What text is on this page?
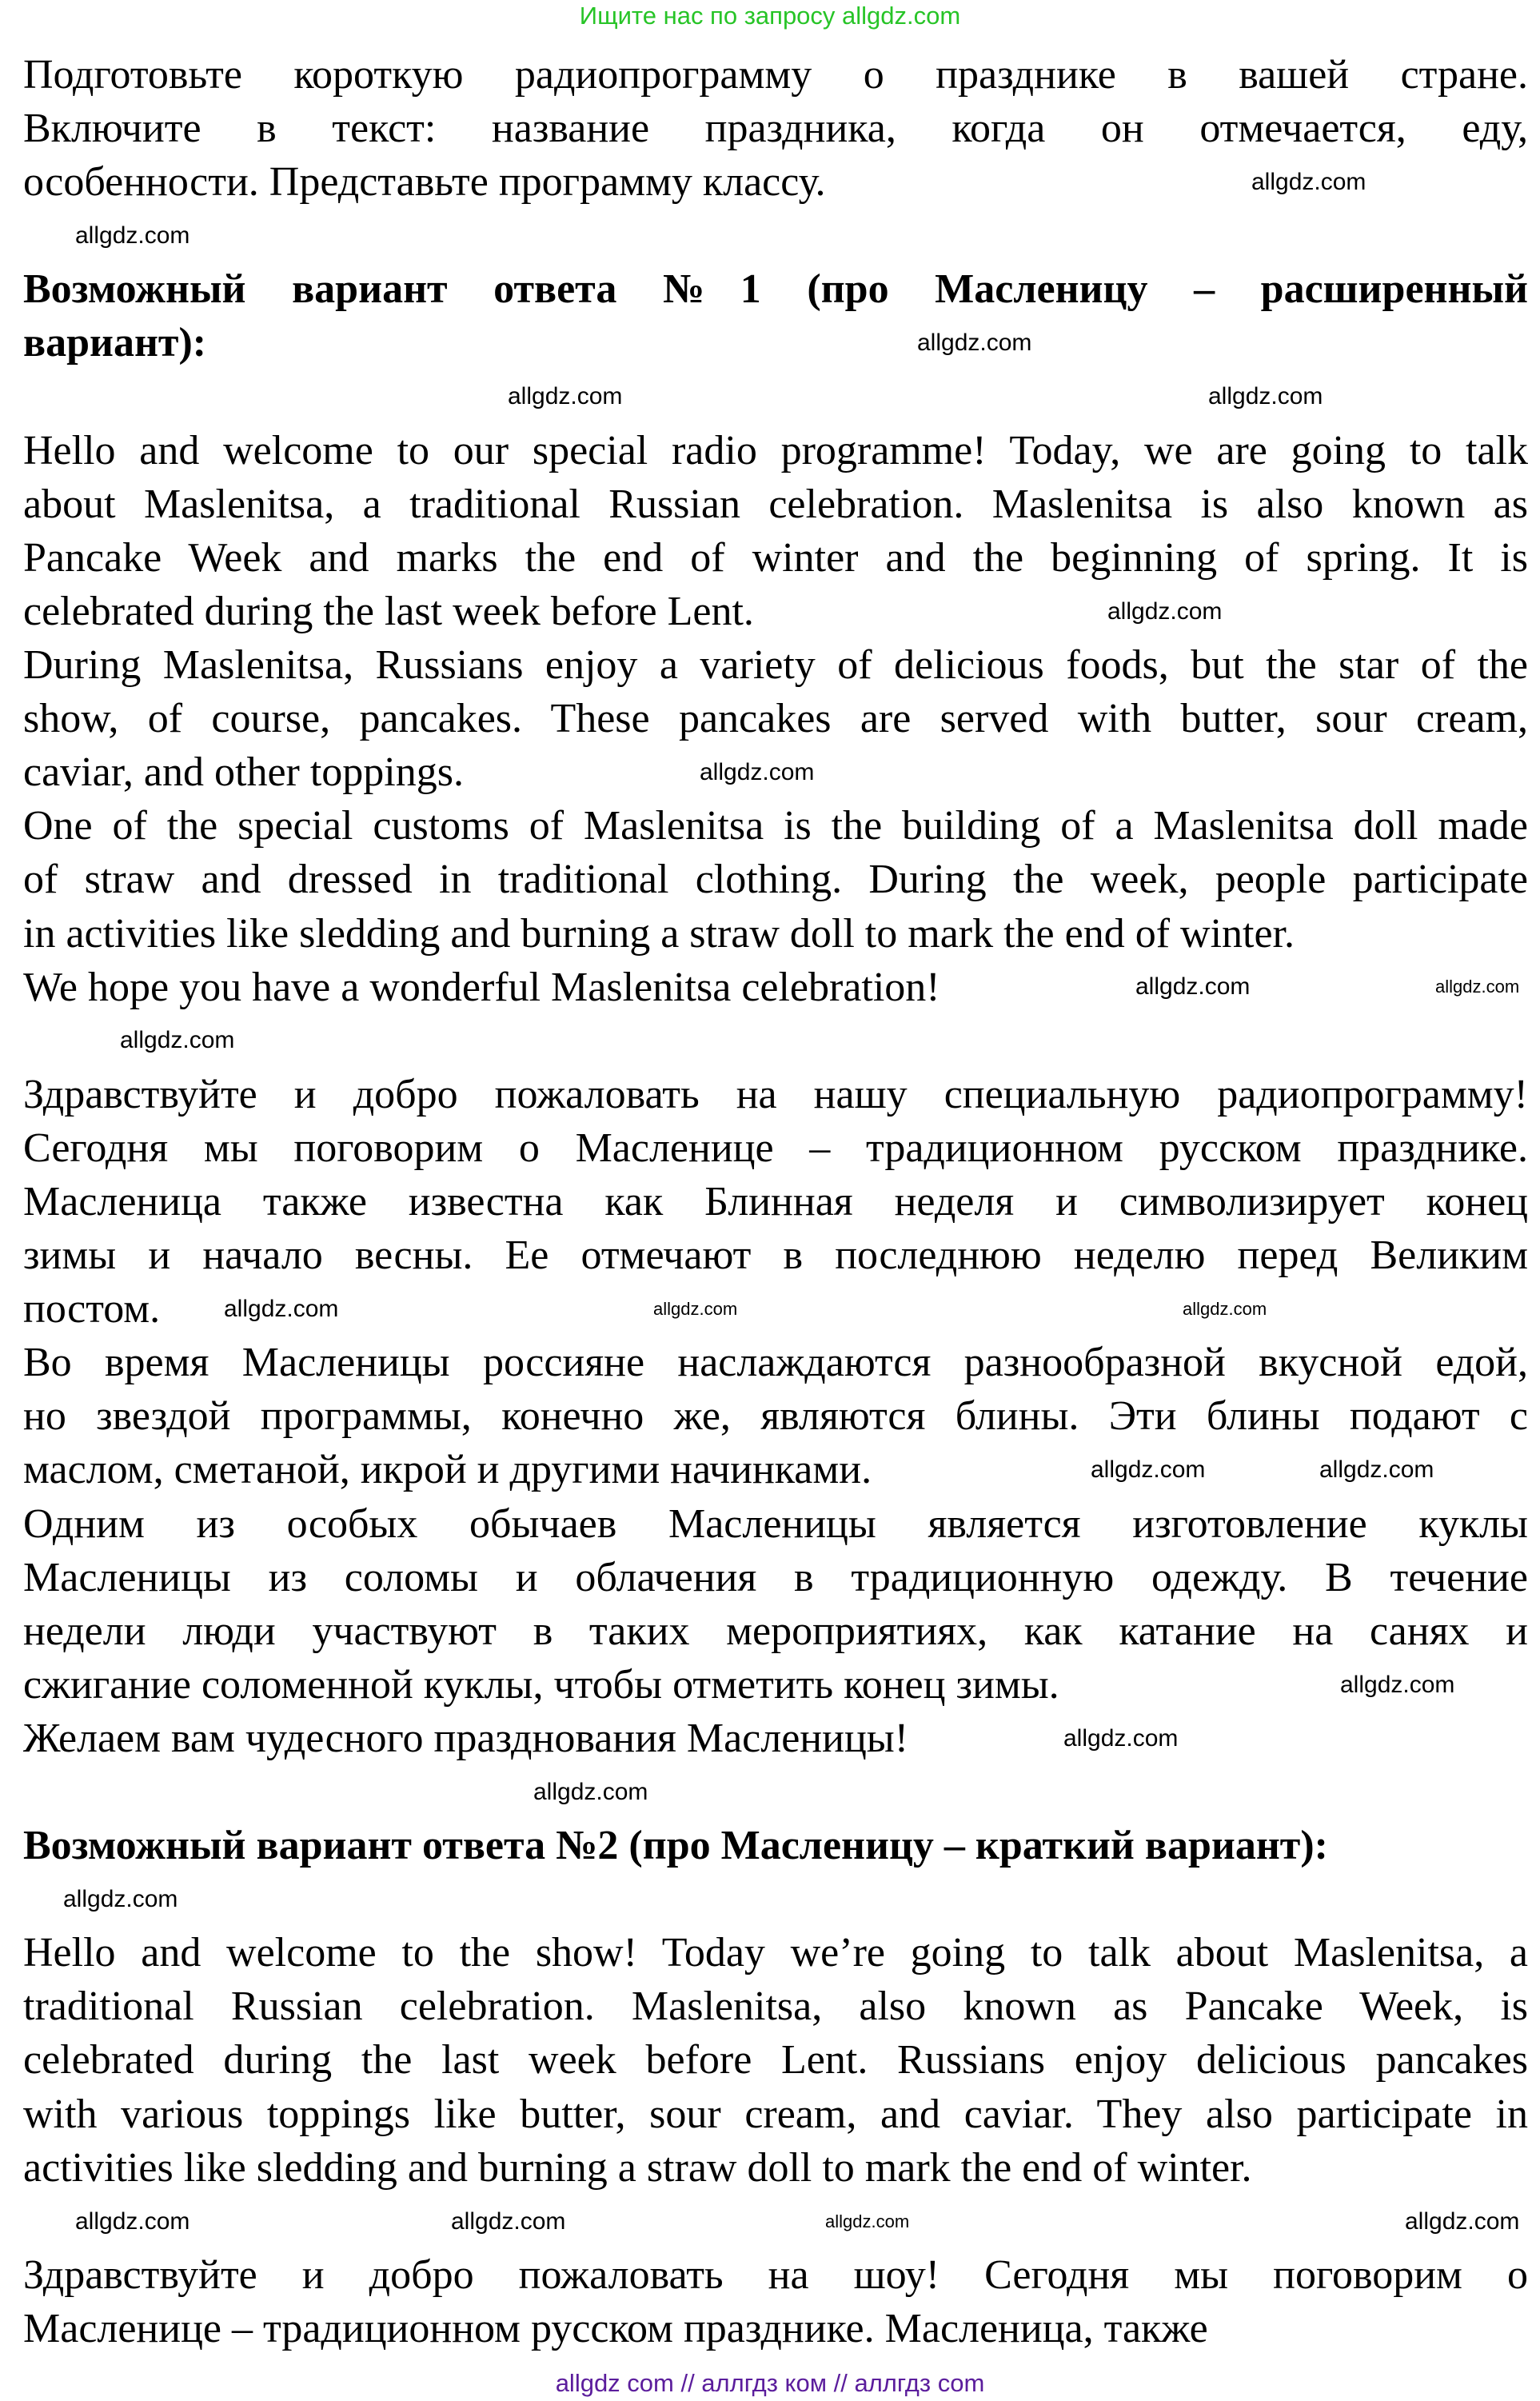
Ищите нас по запросу allgdz.com
Подготовьте короткую радиопрограмму о празднике в вашей стране.
Включите в текст: название праздника, когда он отмечается, еду,
особенности. Представьте программу классу.
Возможный вариант ответа №1 (про Масленицу – расширенный
вариант):
Hello and welcome to our special radio programme! Today, we are going to talk
about Maslenitsa, a traditional Russian celebration. Maslenitsa is also known as
Pancake Week and marks the end of winter and the beginning of spring. It is
celebrated during the last week before Lent.
During Maslenitsa, Russians enjoy a variety of delicious foods, but the star of the
show, of course, pancakes. These pancakes are served with butter, sour cream,
caviar, and other toppings.
One of the special customs of Maslenitsa is the building of a Maslenitsa doll made
of straw and dressed in traditional clothing. During the week, people participate
in activities like sledding and burning a straw doll to mark the end of winter.
We hope you have a wonderful Maslenitsa celebration!
Здравствуйте и добро пожаловать на нашу специальную радиопрограмму!
Сегодня мы поговорим о Масленице – традиционном русском празднике.
Масленица также известна как Блинная неделя и символизирует конец
зимы и начало весны. Ее отмечают в последнюю неделю перед Великим
постом.
Во время Масленицы россияне наслаждаются разнообразной вкусной едой,
но звездой программы, конечно же, являются блины. Эти блины подают с
маслом, сметаной, икрой и другими начинками.
Одним из особых обычаев Масленицы является изготовление куклы
Масленицы из соломы и облачения в традиционную одежду. В течение
недели люди участвуют в таких мероприятиях, как катание на санях и
сжигание соломенной куклы, чтобы отметить конец зимы.
Желаем вам чудесного празднования Масленицы!
Возможный вариант ответа №2 (про Масленицу – краткий вариант):
Hello and welcome to the show! Today we’re going to talk about Maslenitsa, a
traditional Russian celebration. Maslenitsa, also known as Pancake Week, is
celebrated during the last week before Lent. Russians enjoy delicious pancakes
with various toppings like butter, sour cream, and caviar. They also participate in
activities like sledding and burning a straw doll to mark the end of winter.
Здравствуйте и добро пожаловать на шоу! Сегодня мы поговорим о
Масленице – традиционном русском празднике. Масленица, также
allgdz.com
allgdz.com
allgdz.com
allgdz.com	allgdz.com
allgdz.com
allgdz.com
allgdz.com
allgdz.com
allgdz.com
allgdz.com	allgdz.com
allgdz.com
allgdz.com
allgdz.com
allgdz.com
allgdz.com
allgdz.com
allgdz.com
allgdz.com	allgdz.com
allgdz.com
allgdz.com
allgdz com // аллгдз ком // аллгдз com
